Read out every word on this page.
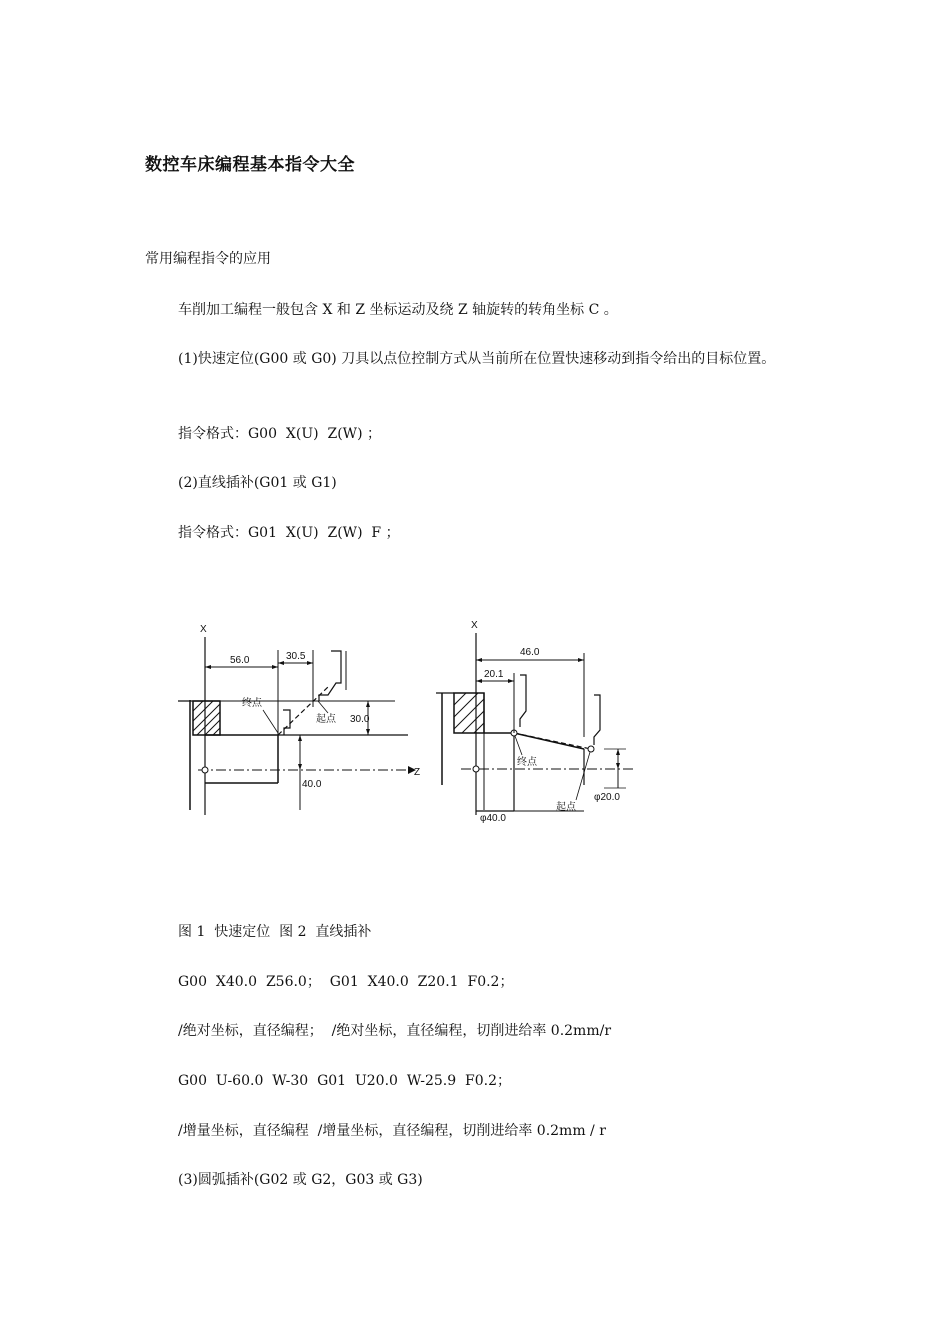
数控车床编程基本指令大全
常用编程指令的应用
车削加工编程一般包含 X 和 Z 坐标运动及绕 Z 轴旋转的转角坐标 C 。
(1)快速定位(G00 或 G0) 刀具以点位控制方式从当前所在位置快速移动到指令给出的目标位置。
指令格式：G00  X(U)  Z(W) ；
(2)直线插补(G01 或 G1)
指令格式：G01  X(U)  Z(W)  F ；
X
Z
56.0	30.5
终点
起点 30.0
40.0
X
46.0
20.1
终点
起点
φ40.0
φ20.0
图 1  快速定位  图 2  直线插补
G00  X40.0  Z56.0；  G01  X40.0  Z20.1  F0.2；
/绝对坐标，直径编程；  /绝对坐标，直径编程，切削进给率 0.2mm/r
G00  U-60.0  W-30  G01  U20.0  W-25.9  F0.2；
/增量坐标，直径编程  /增量坐标，直径编程，切削进给率 0.2mm / r
(3)圆弧插补(G02 或 G2，G03 或 G3)
